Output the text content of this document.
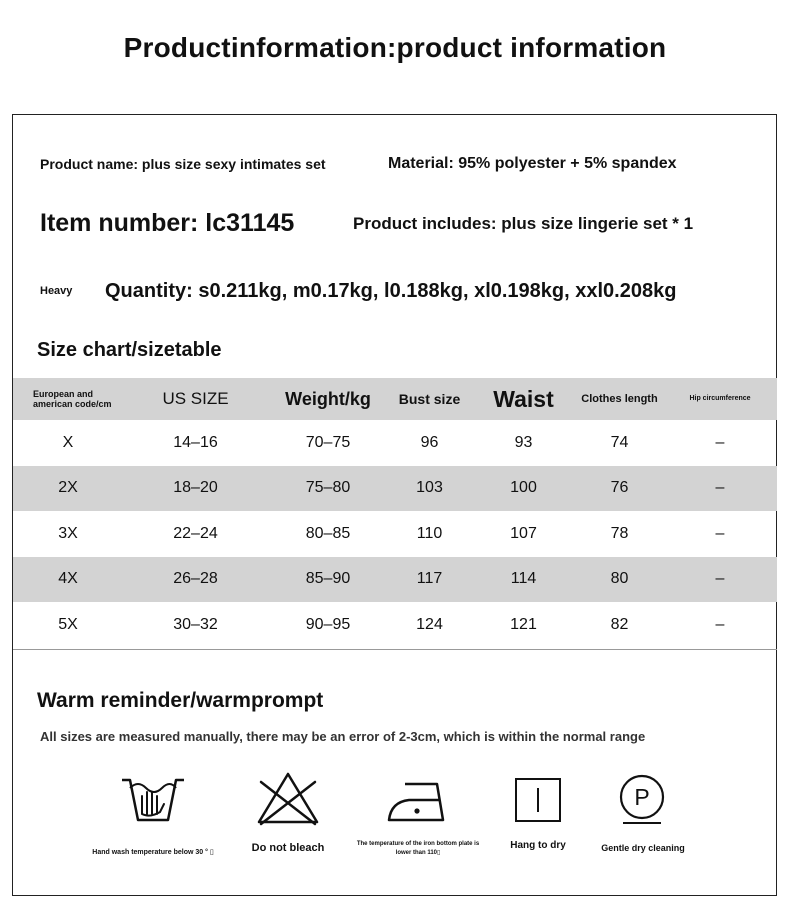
Productinformation:product information
Product name: plus size sexy intimates set	Material: 95% polyester + 5% spandex
Item number: lc31145	Product includes: plus size lingerie set * 1
Heavy Quantity: s0.211kg, m0.17kg, l0.188kg, xl0.198kg, xxl0.208kg
Size chart/sizetable
European and american code/cm	US SIZE	Weight/kg	Bust size	Waist	Clothes length	Hip circumference
X	14–16	70–75	96	93	74	–
2X	18–20	75–80	103	100	76	–
3X	22–24	80–85	110	107	78	–
4X	26–28	85–90	117	114	80	–
5X	30–32	90–95	124	121	82	–
Warm reminder/warmprompt
All sizes are measured manually, there may be an error of 2-3cm, which is within the normal range
Hand wash temperature below 30 ° ▯	Do not bleach	The temperature of the iron bottom plate is lower than 110▯
Hang to dry
P
Gentle dry cleaning
